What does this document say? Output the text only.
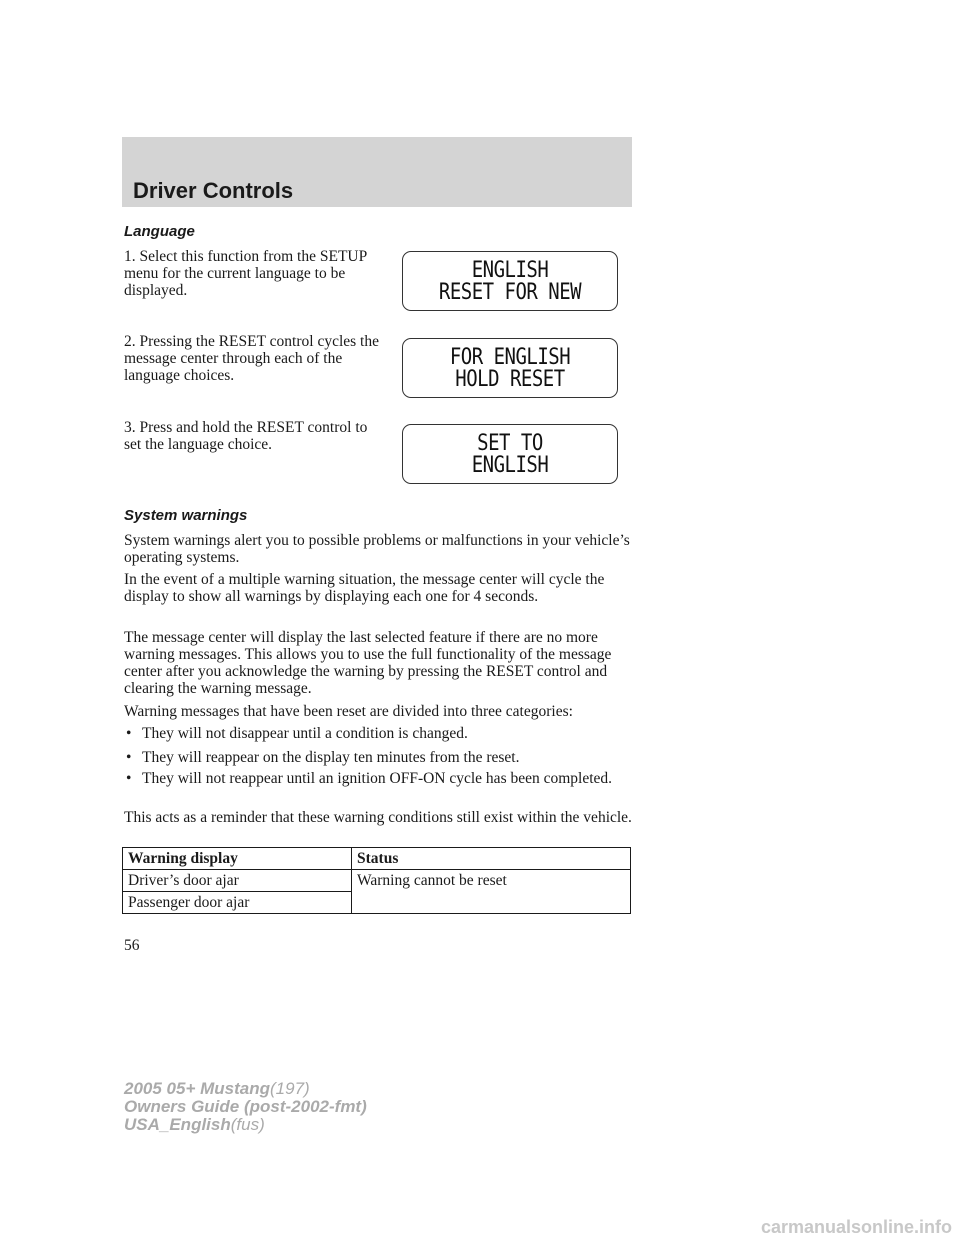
Driver Controls
Language

1. Select this function from the SETUP menu for the current language to be displayed.

ENGLISH
RESET FOR NEW

2. Pressing the RESET control cycles the message center through each of the language choices.

FOR ENGLISH
HOLD RESET

3. Press and hold the RESET control to set the language choice.	SET TO
ENGLISH
System warnings

System warnings alert you to possible problems or malfunctions in your vehicle’s operating systems.

In the event of a multiple warning situation, the message center will cycle the display to show all warnings by displaying each one for 4 seconds.

The message center will display the last selected feature if there are no more warning messages. This allows you to use the full functionality of the message center after you acknowledge the warning by pressing the RESET control and clearing the warning message.

Warning messages that have been reset are divided into three categories:

• They will not disappear until a condition is changed.

• They will reappear on the display ten minutes from the reset.

• They will not reappear until an ignition OFF-ON cycle has been completed.

This acts as a reminder that these warning conditions still exist within the vehicle.

Warning display	Status
Driver’s door ajar	Warning cannot be reset
Passenger door ajar	

56

2005 05+ Mustang(197)
Owners Guide (post-2002-fmt)
USA_English(fus)
carmanualsonline.info
